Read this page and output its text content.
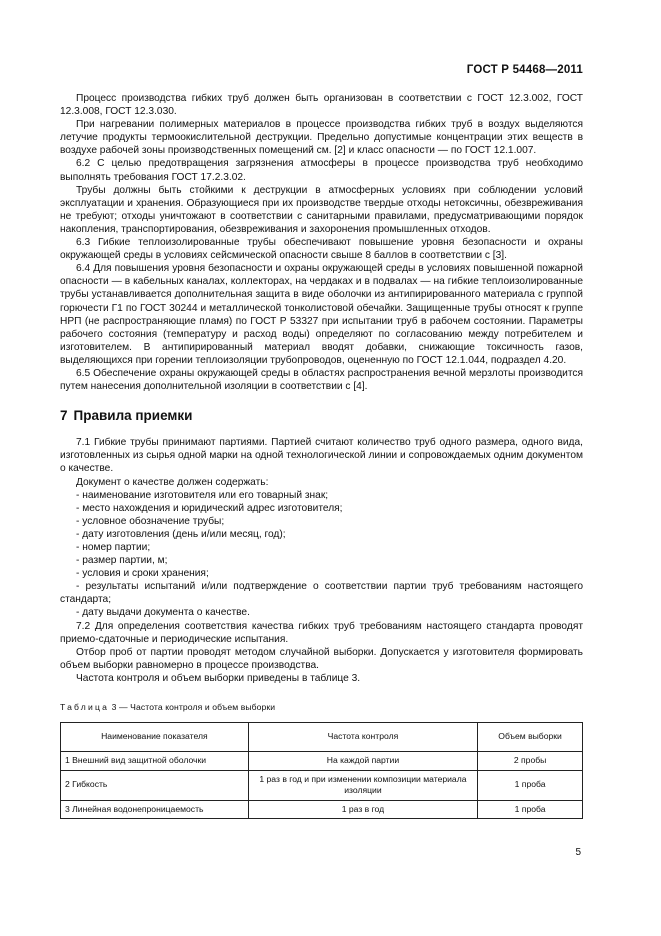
ГОСТ Р 54468—2011

Процесс производства гибких труб должен быть организован в соответствии с ГОСТ 12.3.002, ГОСТ 12.3.008, ГОСТ 12.3.030.

При нагревании полимерных материалов в процессе производства гибких труб в воздух выделяются летучие продукты термоокислительной деструкции. Предельно допустимые концентрации этих веществ в воздухе рабочей зоны производственных помещений см. [2] и класс опасности — по ГОСТ 12.1.007.

6.2 С целью предотвращения загрязнения атмосферы в процессе производства труб необходимо выполнять требования ГОСТ 17.2.3.02.

Трубы должны быть стойкими к деструкции в атмосферных условиях при соблюдении условий эксплуатации и хранения. Образующиеся при их производстве твердые отходы нетоксичны, обезвреживания не требуют; отходы уничтожают в соответствии с санитарными правилами, предусматривающими порядок накопления, транспортирования, обезвреживания и захоронения промышленных отходов.

6.3 Гибкие теплоизолированные трубы обеспечивают повышение уровня безопасности и охраны окружающей среды в условиях сейсмической опасности свыше 8 баллов в соответствии с [3].

6.4 Для повышения уровня безопасности и охраны окружающей среды в условиях повышенной пожарной опасности — в кабельных каналах, коллекторах, на чердаках и в подвалах — на гибкие теплоизолированные трубы устанавливается дополнительная защита в виде оболочки из антипирированного материала с группой горючести Г1 по ГОСТ 30244 и металлической тонколистовой обечайки. Защищенные трубы относят к группе НРП (не распространяющие пламя) по ГОСТ Р 53327 при испытании труб в рабочем состоянии. Параметры рабочего состояния (температуру и расход воды) определяют по согласованию между потребителем и изготовителем. В антипирированный материал вводят добавки, снижающие токсичность газов, выделяющихся при горении теплоизоляции трубопроводов, оцененную по ГОСТ 12.1.044, подраздел 4.20.

6.5 Обеспечение охраны окружающей среды в областях распространения вечной мерзлоты производится путем нанесения дополнительной изоляции в соответствии с [4].

7 Правила приемки

7.1 Гибкие трубы принимают партиями. Партией считают количество труб одного размера, одного вида, изготовленных из сырья одной марки на одной технологической линии и сопровождаемых одним документом о качестве.

Документ о качестве должен содержать:

- наименование изготовителя или его товарный знак;

- место нахождения и юридический адрес изготовителя;

- условное обозначение трубы;

- дату изготовления (день и/или месяц, год);

- номер партии;

- размер партии, м;

- условия и сроки хранения;

- результаты испытаний и/или подтверждение о соответствии партии труб требованиям настоящего стандарта;

- дату выдачи документа о качестве.

7.2 Для определения соответствия качества гибких труб требованиям настоящего стандарта проводят приемо-сдаточные и периодические испытания.

Отбор проб от партии проводят методом случайной выборки. Допускается у изготовителя формировать объем выборки равномерно в процессе производства.

Частота контроля и объем выборки приведены в таблице 3.

Таблица 3 — Частота контроля и объем выборки
Наименование показателя	Частота контроля	Объем выборки
1 Внешний вид защитной оболочки	На каждой партии	2 пробы
2 Гибкость	1 раз в год и при изменении композиции материала изоляции	1 проба
3 Линейная водонепроницаемость	1 раз в год	1 проба
5
